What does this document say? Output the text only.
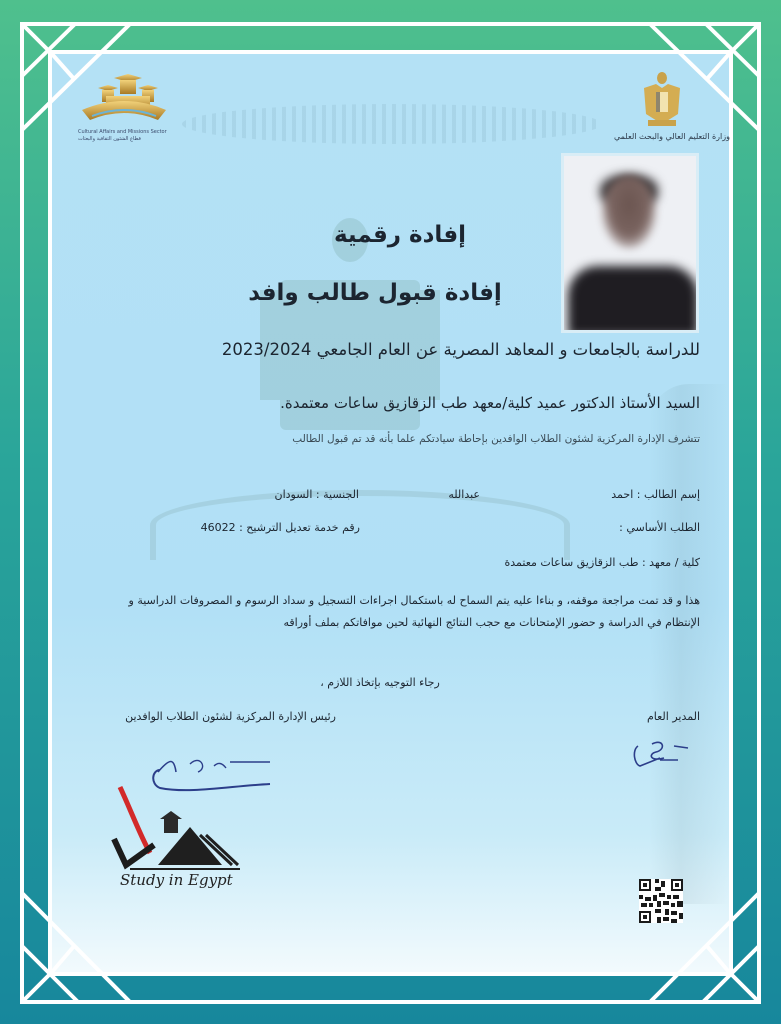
Cultural Affairs and Missions Sector
قطاع الشئون الثقافية والبعثات	وزارة التعليم العالي والبحث العلمي
إفادة رقمية
إفادة قبول طالب وافد
للدراسة بالجامعات و المعاهد المصرية عن العام الجامعي 2023/2024
السيد الأستاذ الدكتور عميد كلية/معهد طب الزقازيق ساعات معتمدة.
تتشرف الإدارة المركزية لشئون الطلاب الوافدين بإحاطة سيادتكم علما بأنه قد تم قبول الطالب
إسم الطالب : احمد
عبدالله
الجنسية : السودان
الطلب الأساسي :
رقم خدمة تعديل الترشيح : 46022
كلية / معهد : طب الزقازيق ساعات معتمدة
هذا و قد تمت مراجعة موقفه، و بناءا عليه يتم السماح له باستكمال اجراءات التسجيل و سداد الرسوم و المصروفات الدراسية و الإنتظام في الدراسة و حضور الإمتحانات مع حجب النتائج النهائية لحين موافاتكم بملف أوراقه
رجاء التوجيه بإتخاذ اللازم ،
المدير العام
رئيس الإدارة المركزية لشئون الطلاب الوافدين
Study in Egypt
